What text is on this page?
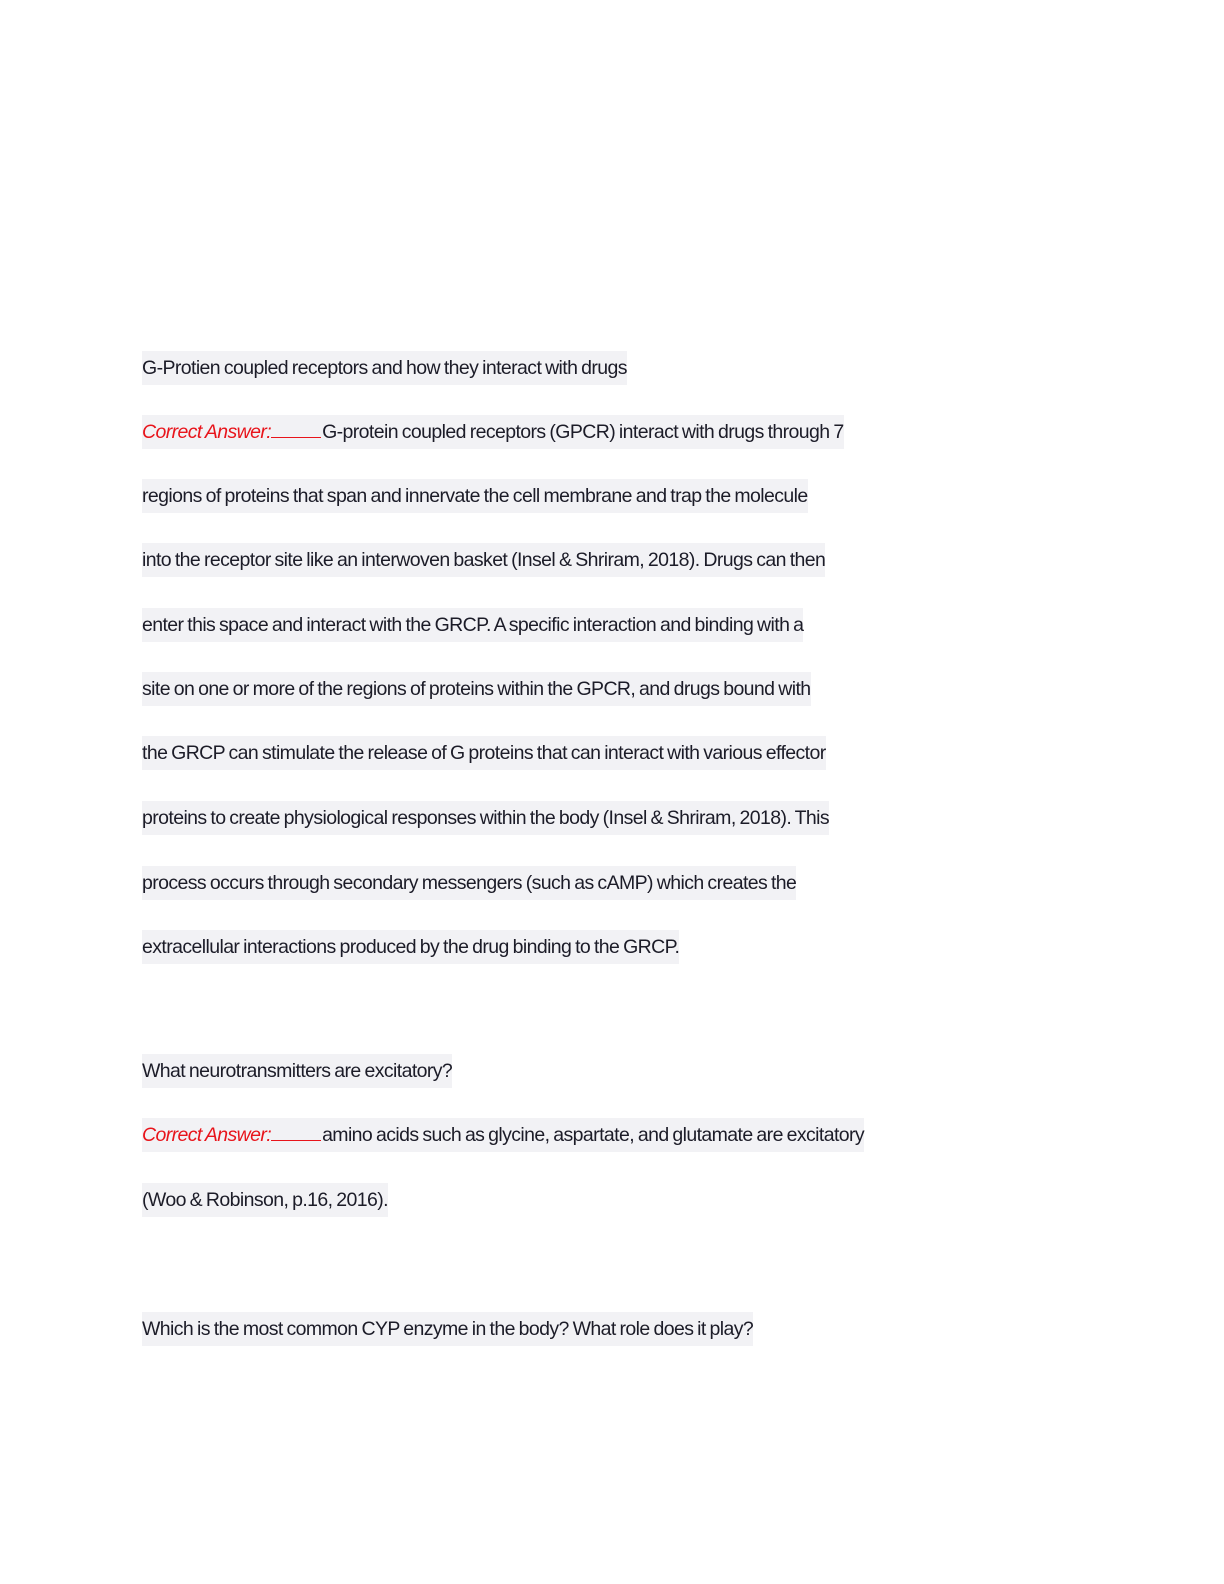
G-Protien coupled receptors and how they interact with drugs
Correct Answer:	G-protein coupled receptors (GPCR) interact with drugs through 7
regions of proteins that span and innervate the cell membrane and trap the molecule
into the receptor site like an interwoven basket (Insel & Shriram, 2018). Drugs can then
enter this space and interact with the GRCP. A specific interaction and binding with a
site on one or more of the regions of proteins within the GPCR, and drugs bound with
the GRCP can stimulate the release of G proteins that can interact with various effector
proteins to create physiological responses within the body (Insel & Shriram, 2018). This
process occurs through secondary messengers (such as cAMP) which creates the
extracellular interactions produced by the drug binding to the GRCP.
What neurotransmitters are excitatory?
Correct Answer:	amino acids such as glycine, aspartate, and glutamate are excitatory
(Woo & Robinson, p.16, 2016).
Which is the most common CYP enzyme in the body? What role does it play?
